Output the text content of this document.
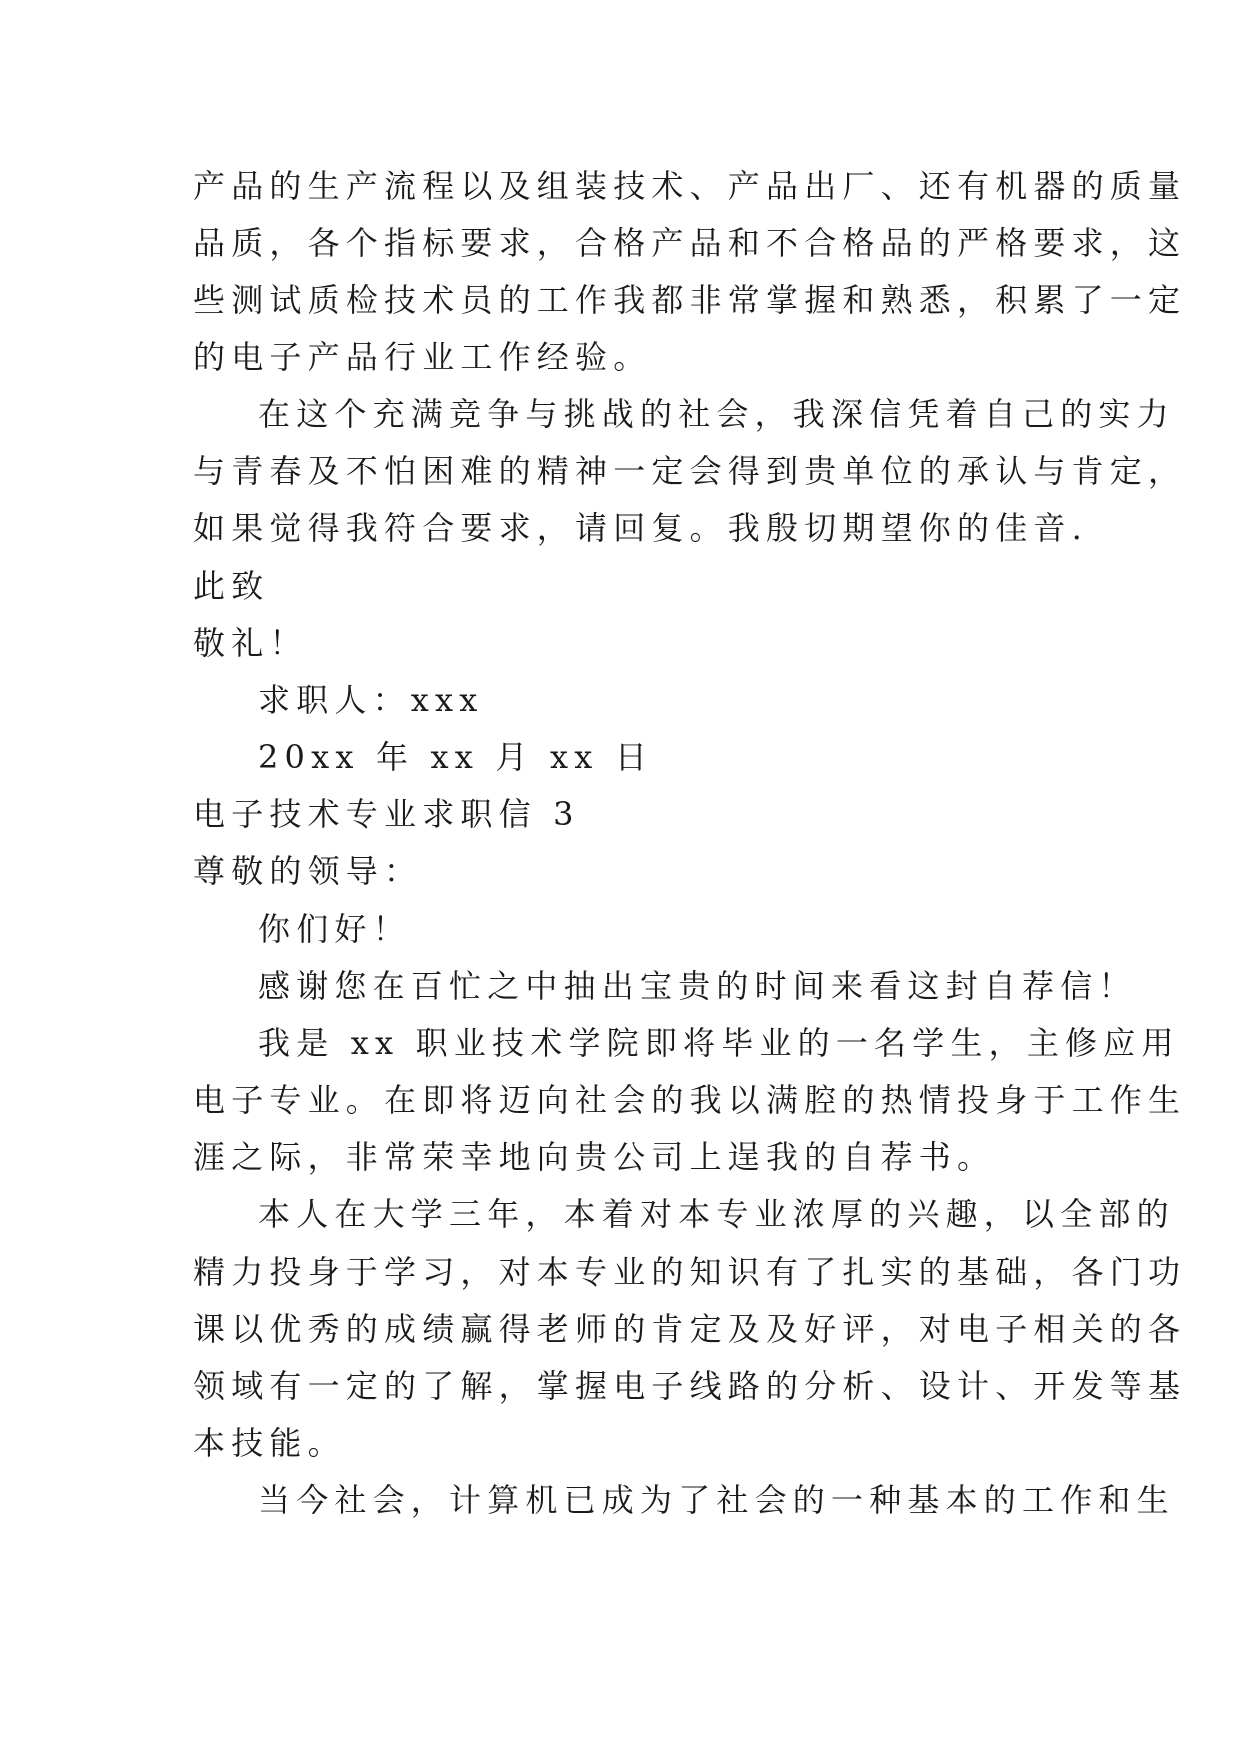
产品的生产流程以及组装技术、产品出厂、还有机器的质量
品质，各个指标要求，合格产品和不合格品的严格要求，这
些测试质检技术员的工作我都非常掌握和熟悉，积累了一定
的电子产品行业工作经验。
在这个充满竞争与挑战的社会，我深信凭着自己的实力
与青春及不怕困难的精神一定会得到贵单位的承认与肯定，
如果觉得我符合要求，请回复。我殷切期望你的佳音.
此致
敬礼！
求职人：xxx
20xx 年 xx 月 xx 日
电子技术专业求职信 3
尊敬的领导：
你们好！
感谢您在百忙之中抽出宝贵的时间来看这封自荐信！
我是 xx 职业技术学院即将毕业的一名学生，主修应用
电子专业。在即将迈向社会的我以满腔的热情投身于工作生
涯之际，非常荣幸地向贵公司上逞我的自荐书。
本人在大学三年，本着对本专业浓厚的兴趣，以全部的
精力投身于学习，对本专业的知识有了扎实的基础，各门功
课以优秀的成绩赢得老师的肯定及及好评，对电子相关的各
领域有一定的了解，掌握电子线路的分析、设计、开发等基
本技能。
当今社会，计算机已成为了社会的一种基本的工作和生
